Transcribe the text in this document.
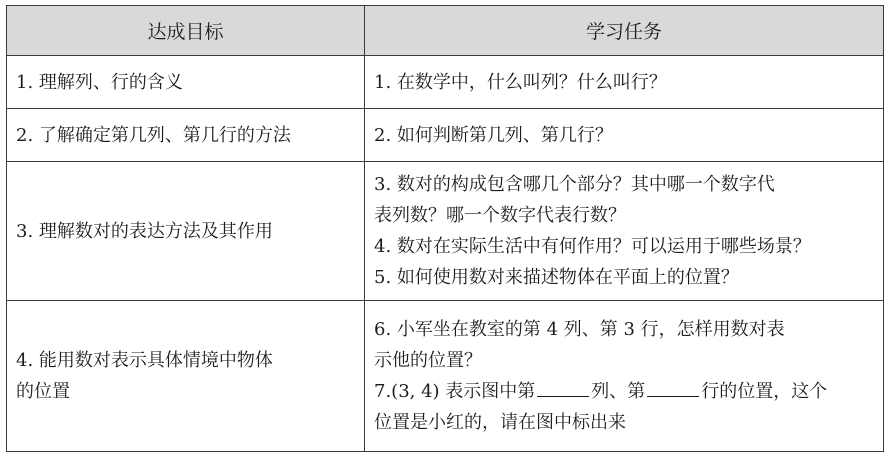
达成目标	学习任务

1. 理解列、行的含义	1. 在数学中，什么叫列？什么叫行？

2. 了解确定第几列、第几行的方法	2. 如何判断第几列、第几行？

3. 理解数对的表达方法及其作用	3. 数对的构成包含哪几个部分？其中哪一个数字代
表列数？哪一个数字代表行数？
4. 数对在实际生活中有何作用？可以运用于哪些场景？
5. 如何使用数对来描述物体在平面上的位置？

4. 能用数对表示具体情境中物体
的位置	6. 小军坐在教室的第 4 列、第 3 行，怎样用数对表
示他的位置？
7.(3, 4) 表示图中第 列、第 行的位置，这个
位置是小红的，请在图中标出来
